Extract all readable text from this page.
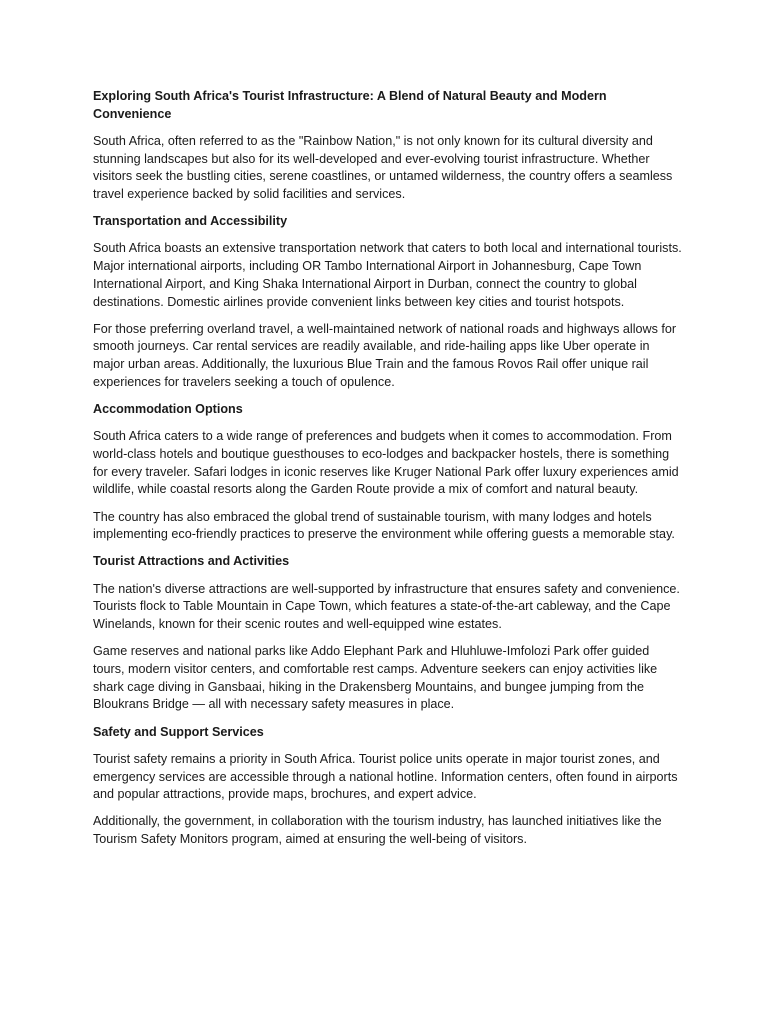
Exploring South Africa's Tourist Infrastructure: A Blend of Natural Beauty and Modern Convenience

South Africa, often referred to as the "Rainbow Nation," is not only known for its cultural diversity and stunning landscapes but also for its well-developed and ever-evolving tourist infrastructure. Whether visitors seek the bustling cities, serene coastlines, or untamed wilderness, the country offers a seamless travel experience backed by solid facilities and services.

Transportation and Accessibility

South Africa boasts an extensive transportation network that caters to both local and international tourists. Major international airports, including OR Tambo International Airport in Johannesburg, Cape Town International Airport, and King Shaka International Airport in Durban, connect the country to global destinations. Domestic airlines provide convenient links between key cities and tourist hotspots.

For those preferring overland travel, a well-maintained network of national roads and highways allows for smooth journeys. Car rental services are readily available, and ride-hailing apps like Uber operate in major urban areas. Additionally, the luxurious Blue Train and the famous Rovos Rail offer unique rail experiences for travelers seeking a touch of opulence.

Accommodation Options

South Africa caters to a wide range of preferences and budgets when it comes to accommodation. From world-class hotels and boutique guesthouses to eco-lodges and backpacker hostels, there is something for every traveler. Safari lodges in iconic reserves like Kruger National Park offer luxury experiences amid wildlife, while coastal resorts along the Garden Route provide a mix of comfort and natural beauty.

The country has also embraced the global trend of sustainable tourism, with many lodges and hotels implementing eco-friendly practices to preserve the environment while offering guests a memorable stay.

Tourist Attractions and Activities

The nation's diverse attractions are well-supported by infrastructure that ensures safety and convenience. Tourists flock to Table Mountain in Cape Town, which features a state-of-the-art cableway, and the Cape Winelands, known for their scenic routes and well-equipped wine estates.

Game reserves and national parks like Addo Elephant Park and Hluhluwe-Imfolozi Park offer guided tours, modern visitor centers, and comfortable rest camps. Adventure seekers can enjoy activities like shark cage diving in Gansbaai, hiking in the Drakensberg Mountains, and bungee jumping from the Bloukrans Bridge — all with necessary safety measures in place.

Safety and Support Services

Tourist safety remains a priority in South Africa. Tourist police units operate in major tourist zones, and emergency services are accessible through a national hotline. Information centers, often found in airports and popular attractions, provide maps, brochures, and expert advice.

Additionally, the government, in collaboration with the tourism industry, has launched initiatives like the Tourism Safety Monitors program, aimed at ensuring the well-being of visitors.
